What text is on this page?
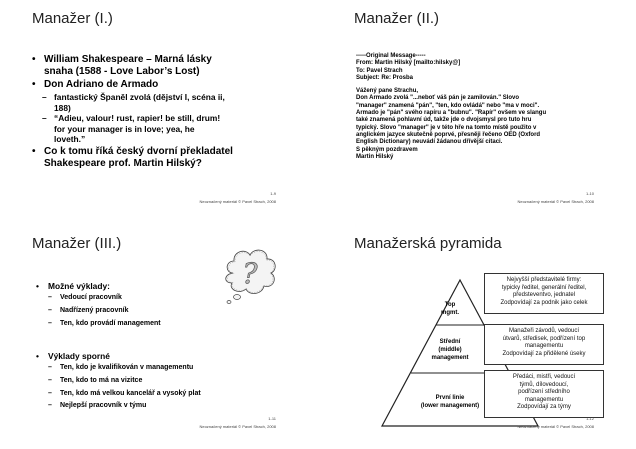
Manažer (I.)
• William Shakespeare – Marná lásky
snaha (1588 - Love Labor’s Lost)
• Don Adriano de Armado
– fantastický Španěl zvolá (dějství I, scéna ii,
188)
– “Adieu, valour! rust, rapier! be still, drum!
for your manager is in love; yea, he
loveth.”
• Co k tomu říká český dvorní překladatel
Shakespeare prof. Martin Hilský?
1-9
Neoznačený materiál © Pavel Strach, 2008
Manažer (II.)
-----Original Message-----
From: Martin Hilský [mailto:hilsky@]
To: Pavel Strach
Subject: Re: Prosba
Vážený pane Strachu,
Don Armado zvolá "...neboť váš pán je zamilován." Slovo
"manager" znamená "pán", "ten, kdo ovládá" nebo "ma v moci".
Armado je "pán" svého rapíru a "bubnu". "Rapír" ovšem ve slangu
také znamená pohlavní úd, takže jde o dvojsmysl pro tuto hru
typický. Slovo "manager" je v této hře na tomto místě použito v
anglickém jazyce skutečně poprvé, přesněji řečeno OED (Oxford
English Dictionary) neuvádí žádanou dřívější citaci.
S pěkným pozdravem
Martin Hilský
1-10
Neoznačený materiál © Pavel Strach, 2008
Manažer (III.)
?
• Možné výklady:
– Vedoucí pracovník
– Nadřízený pracovník
– Ten, kdo provádí management
• Výklady sporné
– Ten, kdo je kvalifikován v managementu
– Ten, kdo to má na vizitce
– Ten, kdo má velkou kancelář a vysoký plat
– Nejlepší pracovník v týmu
1-11
Neoznačený materiál © Pavel Strach, 2008
Manažerská pyramida
Top
mgmt.
Střední
(middle)
management
První linie
(lower management)
Nejvyšší představitelé firmy:
typicky ředitel, generální ředitel,
předsteventvo, jednatel
Zodpovídají za podnik jako celek
Manažeři závodů, vedoucí
útvarů, středisek, podřízení top
managementu
Zodpovídají za přidělené úseky
Předáci, mistři, vedoucí
týmů, dílovedoucí,
podřízení středního
managementu
Zodpovídají za týmy
1-12
Neoznačený materiál © Pavel Strach, 2008
